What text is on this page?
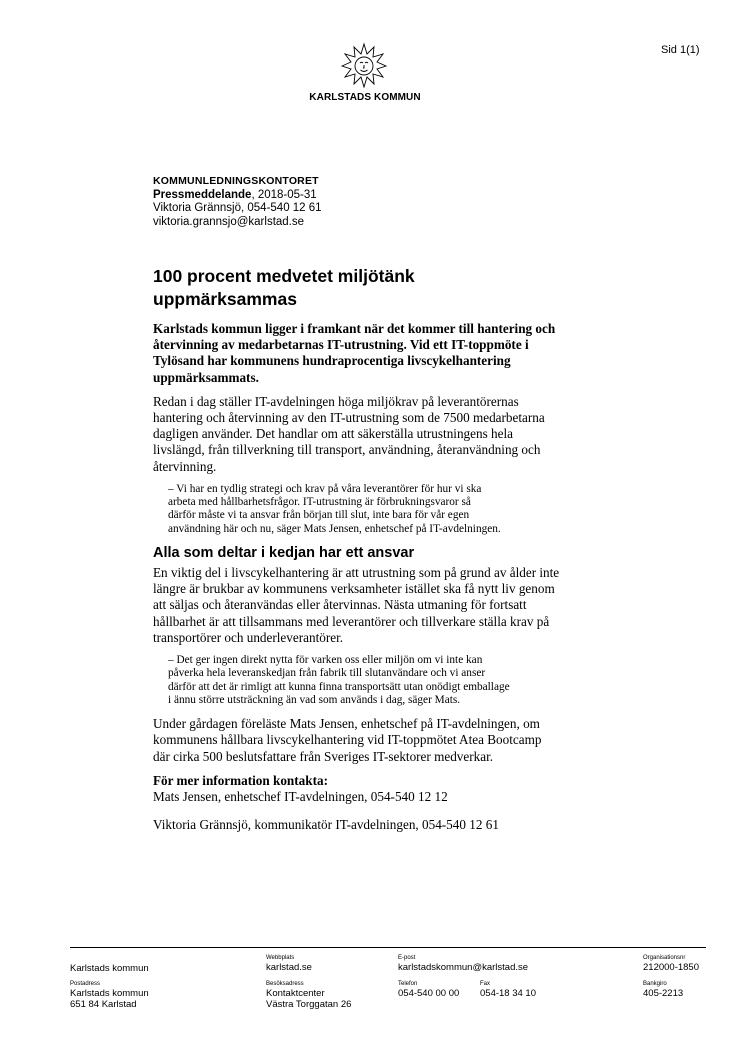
Sid 1(1)
KARLSTADS KOMMUN
KOMMUNLEDNINGSKONTORET
Pressmeddelande, 2018-05-31
Viktoria Grännsjö, 054-540 12 61
viktoria.grannsjo@karlstad.se
100 procent medvetet miljötänk
uppmärksammas

Karlstads kommun ligger i framkant när det kommer till hantering och
återvinning av medarbetarnas IT-utrustning. Vid ett IT-toppmöte i
Tylösand har kommunens hundraprocentiga livscykelhantering
uppmärksammats.

Redan i dag ställer IT-avdelningen höga miljökrav på leverantörernas
hantering och återvinning av den IT-utrustning som de 7500 medarbetarna
dagligen använder. Det handlar om att säkerställa utrustningens hela
livslängd, från tillverkning till transport, användning, återanvändning och
återvinning.

– Vi har en tydlig strategi och krav på våra leverantörer för hur vi ska
arbeta med hållbarhetsfrågor. IT-utrustning är förbrukningsvaror så
därför måste vi ta ansvar från början till slut, inte bara för vår egen
användning här och nu, säger Mats Jensen, enhetschef på IT-avdelningen.

Alla som deltar i kedjan har ett ansvar

En viktig del i livscykelhantering är att utrustning som på grund av ålder inte
längre är brukbar av kommunens verksamheter istället ska få nytt liv genom
att säljas och återanvändas eller återvinnas. Nästa utmaning för fortsatt
hållbarhet är att tillsammans med leverantörer och tillverkare ställa krav på
transportörer och underleverantörer.

– Det ger ingen direkt nytta för varken oss eller miljön om vi inte kan
påverka hela leveranskedjan från fabrik till slutanvändare och vi anser
därför att det är rimligt att kunna finna transportsätt utan onödigt emballage
i ännu större utsträckning än vad som används i dag, säger Mats.

Under gårdagen föreläste Mats Jensen, enhetschef på IT-avdelningen, om
kommunens hållbara livscykelhantering vid IT-toppmötet Atea Bootcamp
där cirka 500 beslutsfattare från Sveriges IT-sektorer medverkar.

För mer information kontakta:
Mats Jensen, enhetschef IT-avdelningen, 054-540 12 12
Viktoria Grännsjö, kommunikatör IT-avdelningen, 054-540 12 61
Karlstads kommun
Webbplats
karlstad.se
E-post
karlstadskommun@karlstad.se
Organisationsnr
212000-1850
Postadress
Karlstads kommun
651 84 Karlstad
Besöksadress
Kontaktcenter
Västra Torggatan 26
Telefon
054-540 00 00
Fax
054-18 34 10
Bankgiro
405-2213
